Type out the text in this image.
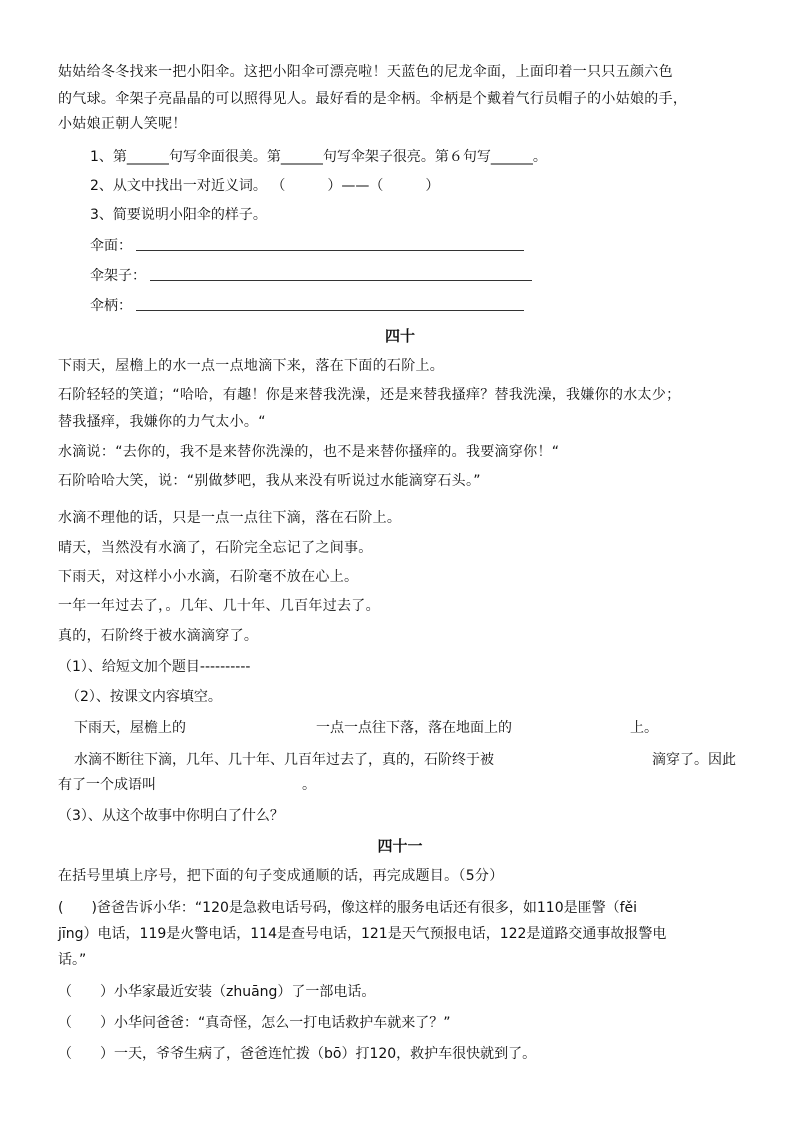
姑姑给冬冬找来一把小阳伞。这把小阳伞可漂亮啦！天蓝色的尼龙伞面，上面印着一只只五颜六色
的气球。伞架子亮晶晶的可以照得见人。最好看的是伞柄。伞柄是个戴着气行员帽子的小姑娘的手，
小姑娘正朝人笑呢！
1、第______句写伞面很美。第______句写伞架子很亮。第６句写______。
2、从文中找出一对近义词。 （　　　）——（　　　）
3、简要说明小阳伞的样子。
伞面：
伞架子：
伞柄：
四十
下雨天，屋檐上的水一点一点地滴下来，落在下面的石阶上。
石阶轻轻的笑道；“哈哈，有趣！你是来替我洗澡，还是来替我搔痒？替我洗澡，我嫌你的水太少；
替我搔痒，我嫌你的力气太小。“
水滴说：“去你的，我不是来替你洗澡的，也不是来替你搔痒的。我要滴穿你！“
石阶哈哈大笑，说：“别做梦吧，我从来没有听说过水能滴穿石头。”
水滴不理他的话，只是一点一点往下滴，落在石阶上。
晴天，当然没有水滴了，石阶完全忘记了之间事。
下雨天，对这样小小水滴，石阶毫不放在心上。
一年一年过去了，。几年、几十年、几百年过去了。
真的，石阶终于被水滴滴穿了。
（1）、给短文加个题目----------
（2）、按课文内容填空。
下雨天，屋檐上的	一点一点往下落，落在地面上的	上。
水滴不断往下滴，几年、几十年、几百年过去了，真的，石阶终于被	滴穿了。因此
有了一个成语叫	。
（3）、从这个故事中你明白了什么？
四十一
在括号里填上序号，把下面的句子变成通顺的话，再完成题目。（5分）
(　　)爸爸告诉小华：“120是急救电话号码，像这样的服务电话还有很多，如110是匪警（fěi
jīng）电话，119是火警电话，114是查号电话，121是天气预报电话，122是道路交通事故报警电
话。”
（　　）小华家最近安装（zhuāng）了一部电话。
（　　）小华问爸爸：“真奇怪，怎么一打电话救护车就来了？”
（　　）一天，爷爷生病了，爸爸连忙拨（bō）打120，救护车很快就到了。
